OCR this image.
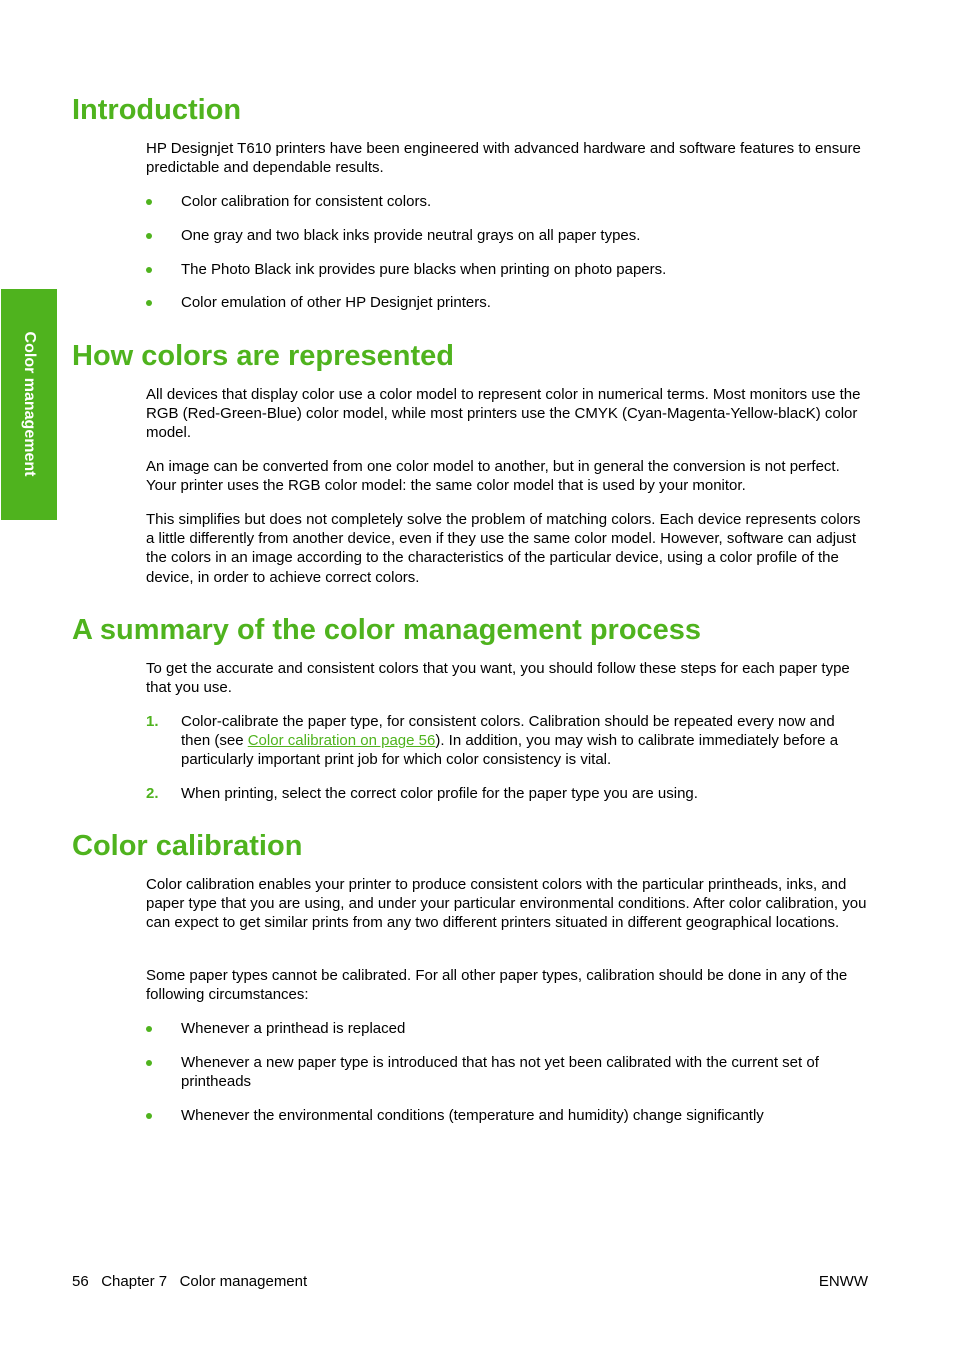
Color management
Introduction

HP Designjet T610 printers have been engineered with advanced hardware and software features to ensure predictable and dependable results.

Color calibration for consistent colors.
One gray and two black inks provide neutral grays on all paper types.
The Photo Black ink provides pure blacks when printing on photo papers.
Color emulation of other HP Designjet printers.
How colors are represented

All devices that display color use a color model to represent color in numerical terms. Most monitors use the RGB (Red-Green-Blue) color model, while most printers use the CMYK (Cyan-Magenta-Yellow-blacK) color model.

An image can be converted from one color model to another, but in general the conversion is not perfect. Your printer uses the RGB color model: the same color model that is used by your monitor.

This simplifies but does not completely solve the problem of matching colors. Each device represents colors a little differently from another device, even if they use the same color model. However, software can adjust the colors in an image according to the characteristics of the particular device, using a color profile of the device, in order to achieve correct colors.

A summary of the color management process

To get the accurate and consistent colors that you want, you should follow these steps for each paper type that you use.

1. Color-calibrate the paper type, for consistent colors. Calibration should be repeated every now and then (see Color calibration on page 56). In addition, you may wish to calibrate immediately before a particularly important print job for which color consistency is vital.
2. When printing, select the correct color profile for the paper type you are using.
Color calibration

Color calibration enables your printer to produce consistent colors with the particular printheads, inks, and paper type that you are using, and under your particular environmental conditions. After color calibration, you can expect to get similar prints from any two different printers situated in different geographical locations.

Some paper types cannot be calibrated. For all other paper types, calibration should be done in any of the following circumstances:

Whenever a printhead is replaced
Whenever a new paper type is introduced that has not yet been calibrated with the current set of printheads
Whenever the environmental conditions (temperature and humidity) change significantly
56 Chapter 7 Color management	ENWW
